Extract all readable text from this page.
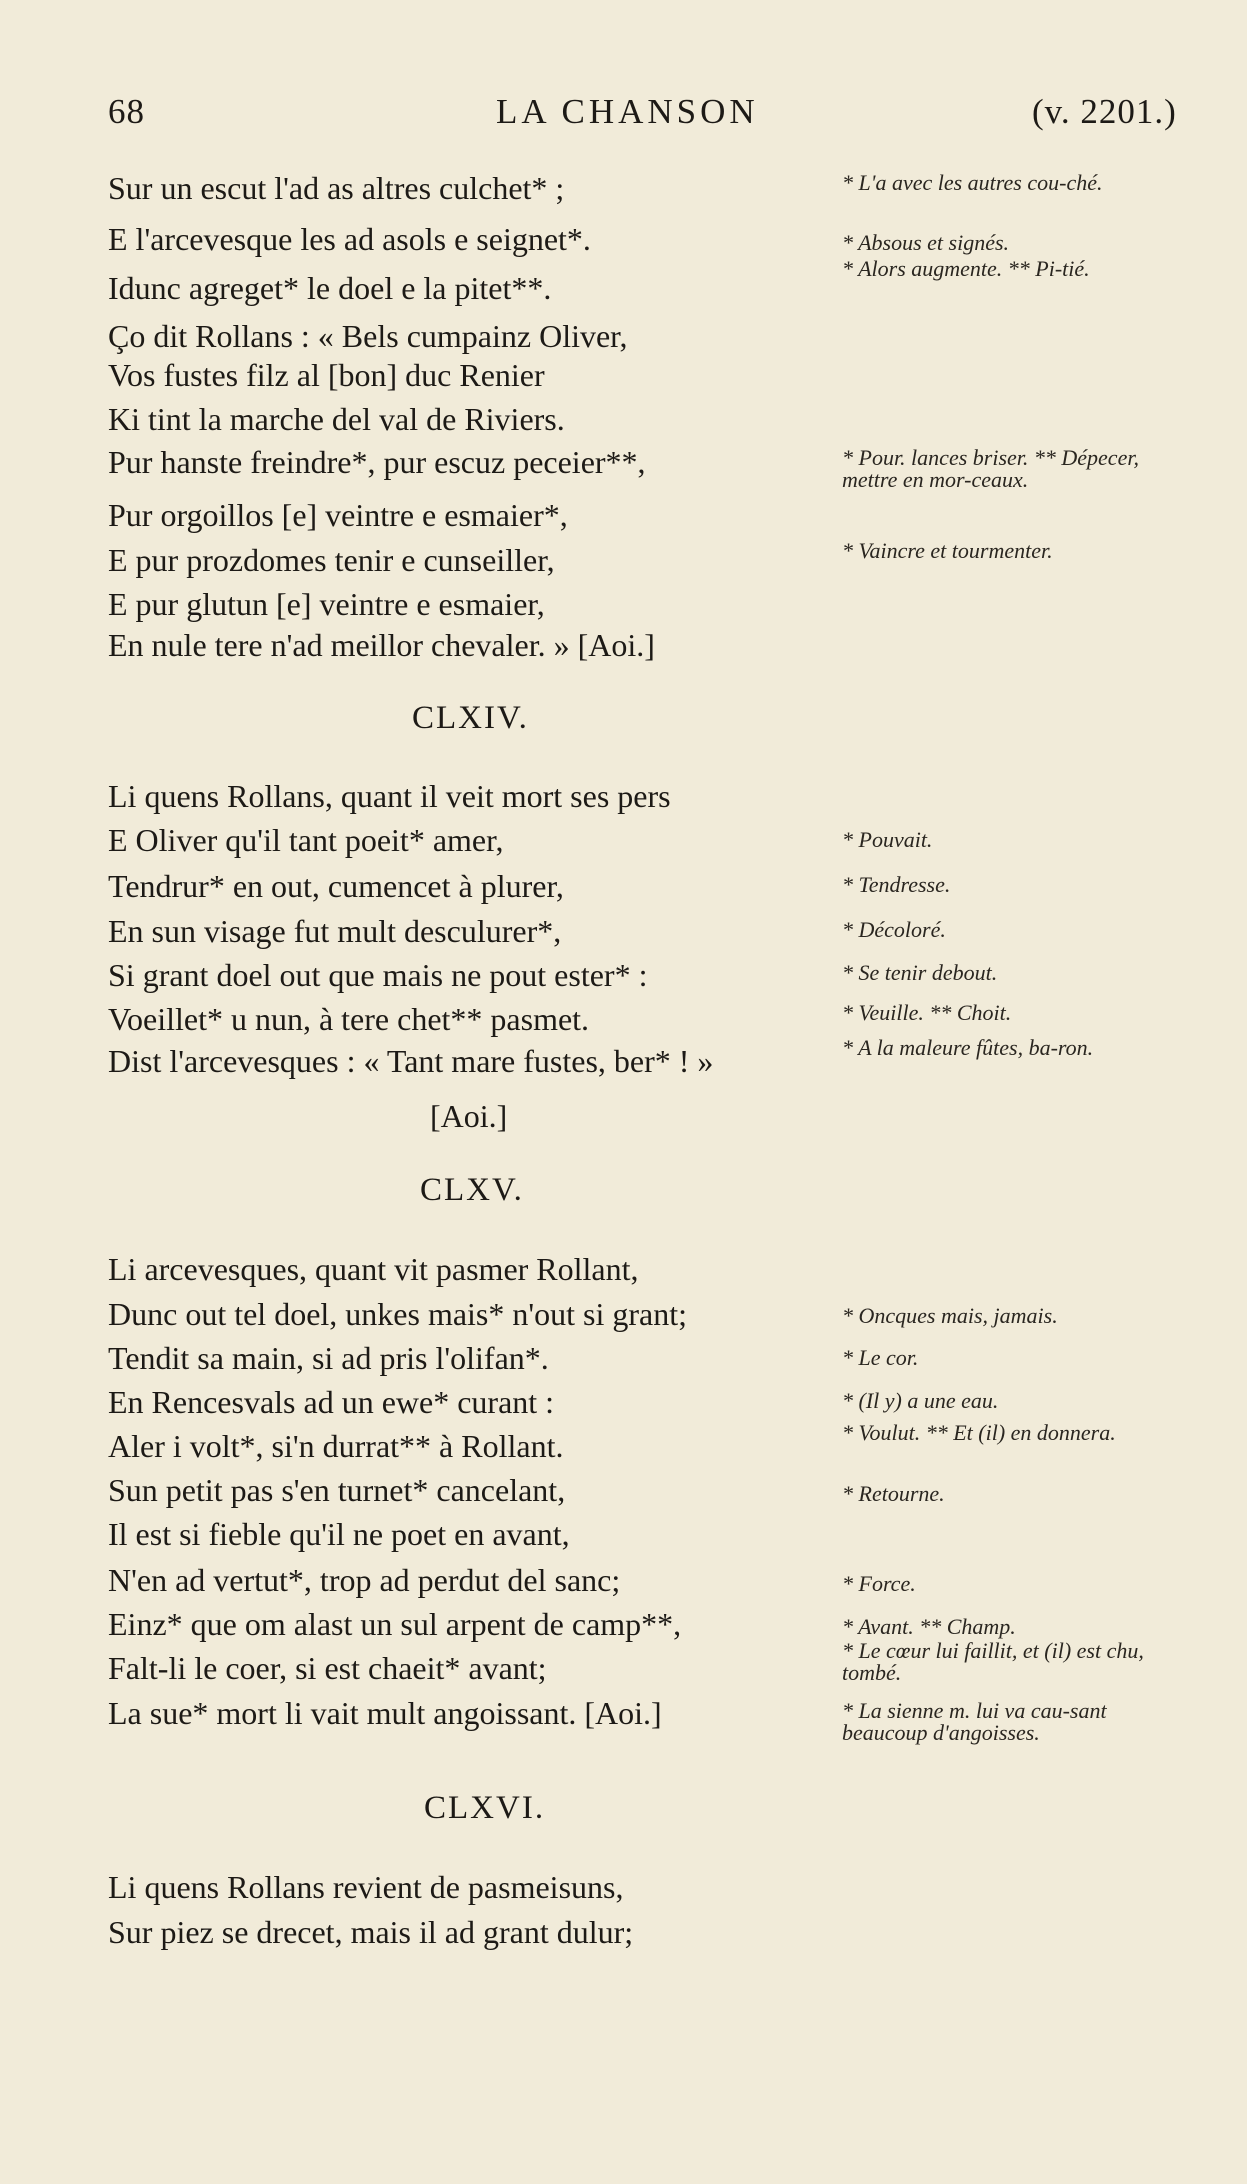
68	LA CHANSON	(v. 2201.)
Sur un escut l'ad as altres culchet* ;
E l'arcevesque les ad asols e seignet*.
Idunc agreget* le doel e la pitet**.
Ço dit Rollans : « Bels cumpainz Oliver,
Vos fustes filz al [bon] duc Renier
Ki tint la marche del val de Riviers.
Pur hanste freindre*, pur escuz peceier**,
Pur orgoillos [e] veintre e esmaier*,
E pur prozdomes tenir e cunseiller,
E pur glutun [e] veintre e esmaier,
En nule tere n'ad meillor chevaler. » [Aoi.]
* L'a avec les autres cou-ché.
* Absous et signés.
* Alors augmente. ** Pi-tié.
* Pour. lances briser. ** Dépecer, mettre en mor-ceaux.
* Vaincre et tourmenter.
CLXIV.
Li quens Rollans, quant il veit mort ses pers
E Oliver qu'il tant poeit* amer,
Tendrur* en out, cumencet à plurer,
En sun visage fut mult desculurer*,
Si grant doel out que mais ne pout ester* :
Voeillet* u nun, à tere chet** pasmet.
Dist l'arcevesques : « Tant mare fustes, ber* ! »
[Aoi.]
* Pouvait.
* Tendresse.
* Décoloré.
* Se tenir debout.
* Veuille. ** Choit.
* A la maleure fûtes, ba-ron.
CLXV.
Li arcevesques, quant vit pasmer Rollant,
Dunc out tel doel, unkes mais* n'out si grant;
Tendit sa main, si ad pris l'olifan*.
En Rencesvals ad un ewe* curant :
Aler i volt*, si'n durrat** à Rollant.
Sun petit pas s'en turnet* cancelant,
Il est si fieble qu'il ne poet en avant,
N'en ad vertut*, trop ad perdut del sanc;
Einz* que om alast un sul arpent de camp**,
Falt-li le coer, si est chaeit* avant;
La sue* mort li vait mult angoissant. [Aoi.]
* Oncques mais, jamais.
* Le cor.
* (Il y) a une eau.
* Voulut. ** Et (il) en donnera.
* Retourne.
* Force.
* Avant. ** Champ.
* Le cœur lui faillit, et (il) est chu, tombé.
* La sienne m. lui va cau-sant beaucoup d'angoisses.
CLXVI.
Li quens Rollans revient de pasmeisuns,
Sur piez se drecet, mais il ad grant dulur;
